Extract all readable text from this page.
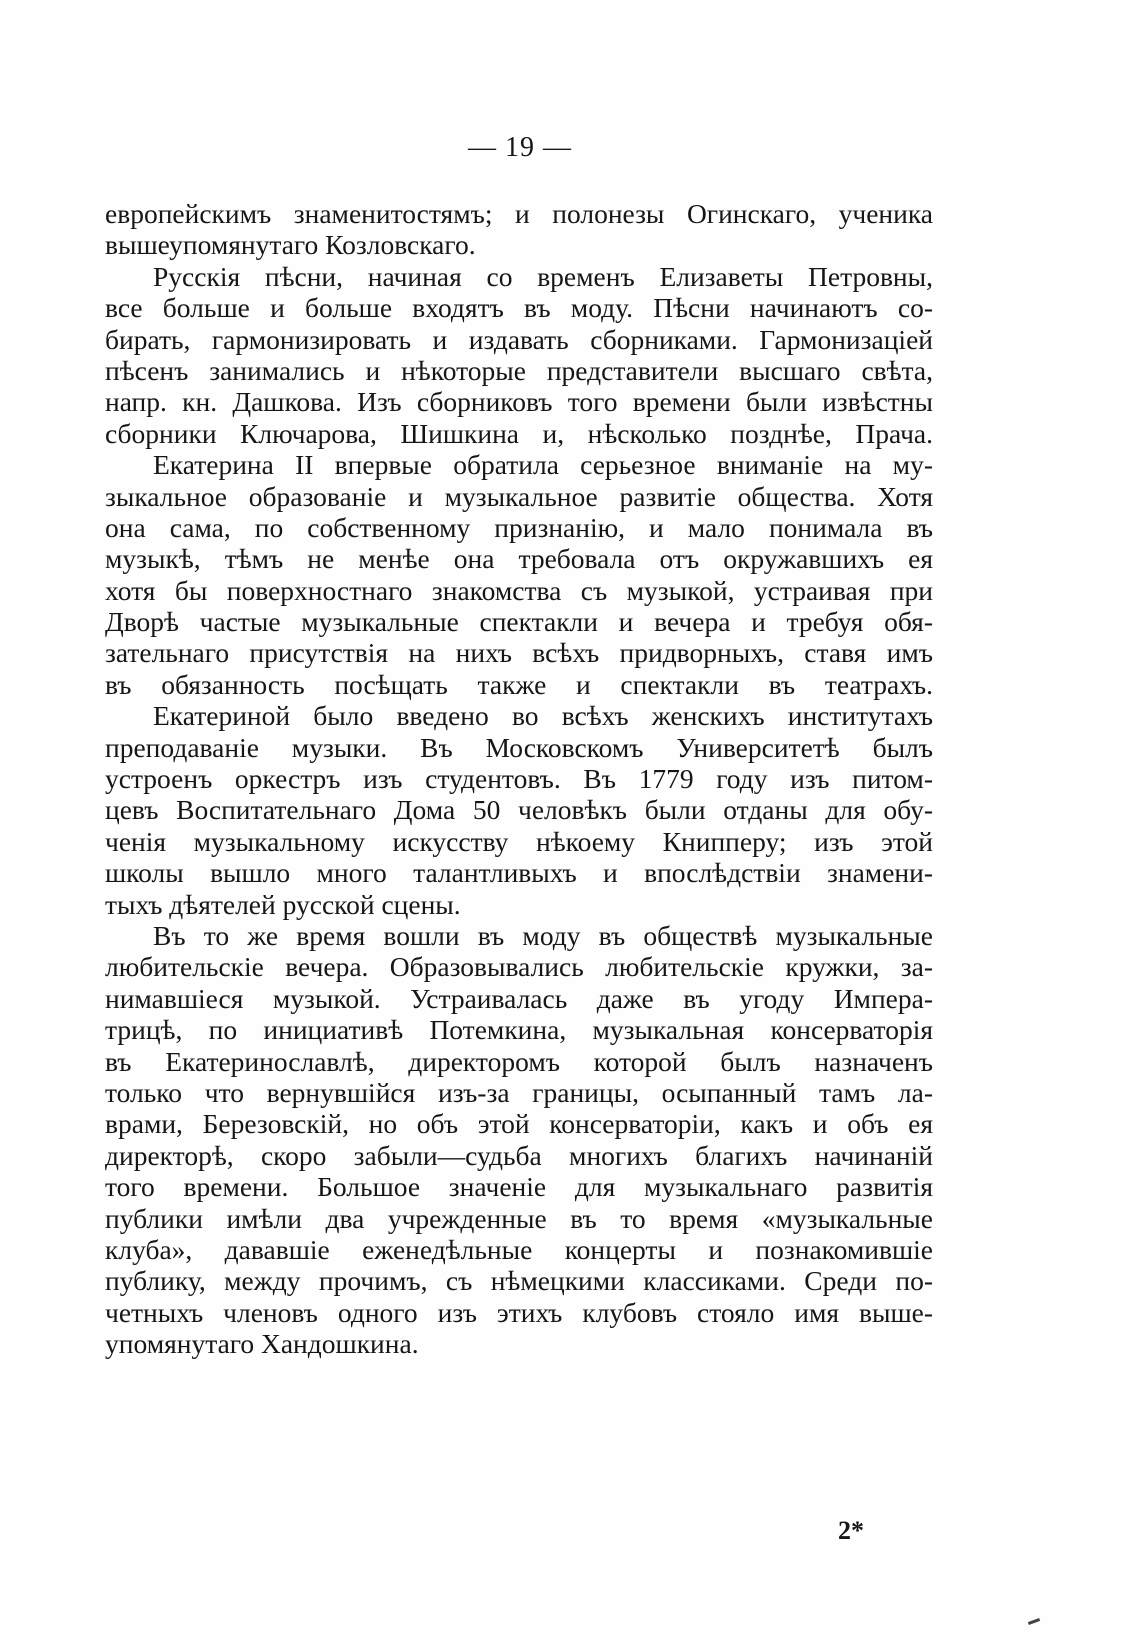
— 19 —
европейскимъ знаменитостямъ; и полонезы Огинскаго, ученика
вышеупомянутаго Козловскаго.
Русскія пѣсни, начиная со временъ Елизаветы Петровны,
все больше и больше входятъ въ моду. Пѣсни начинаютъ со-
бирать, гармонизировать и издавать сборниками. Гармонизаціей
пѣсенъ занимались и нѣкоторые представители высшаго свѣта,
напр. кн. Дашкова. Изъ сборниковъ того времени были извѣстны
сборники Ключарова, Шишкина и, нѣсколько позднѣе, Прача.
Екатерина II впервые обратила серьезное вниманіе на му-
зыкальное образованіе и музыкальное развитіе общества. Хотя
она сама, по собственному признанію, и мало понимала въ
музыкѣ, тѣмъ не менѣе она требовала отъ окружавшихъ ея
хотя бы поверхностнаго знакомства съ музыкой, устраивая при
Дворѣ частые музыкальные спектакли и вечера и требуя обя-
зательнаго присутствія на нихъ всѣхъ придворныхъ, ставя имъ
въ обязанность посѣщать также и спектакли въ театрахъ.
Екатериной было введено во всѣхъ женскихъ институтахъ
преподаваніе музыки. Въ Московскомъ Университетѣ былъ
устроенъ оркестръ изъ студентовъ. Въ 1779 году изъ питом-
цевъ Воспитательнаго Дома 50 человѣкъ были отданы для обу-
ченія музыкальному искусству нѣкоему Книпперу; изъ этой
школы вышло много талантливыхъ и впослѣдствіи знамени-
тыхъ дѣятелей русской сцены.
Въ то же время вошли въ моду въ обществѣ музыкальные
любительскіе вечера. Образовывались любительскіе кружки, за-
нимавшіеся музыкой. Устраивалась даже въ угоду Импера-
трицѣ, по инициативѣ Потемкина, музыкальная консерваторія
въ Екатеринославлѣ, директоромъ которой былъ назначенъ
только что вернувшійся изъ-за границы, осыпанный тамъ ла-
врами, Березовскій, но объ этой консерваторіи, какъ и объ ея
директорѣ, скоро забыли—судьба многихъ благихъ начинаній
того времени. Большое значеніе для музыкальнаго развитія
публики имѣли два учрежденные въ то время «музыкальные
клуба», дававшіе еженедѣльные концерты и познакомившіе
публику, между прочимъ, съ нѣмецкими классиками. Среди по-
четныхъ членовъ одного изъ этихъ клубовъ стояло имя выше-
упомянутаго Хандошкина.
2*
